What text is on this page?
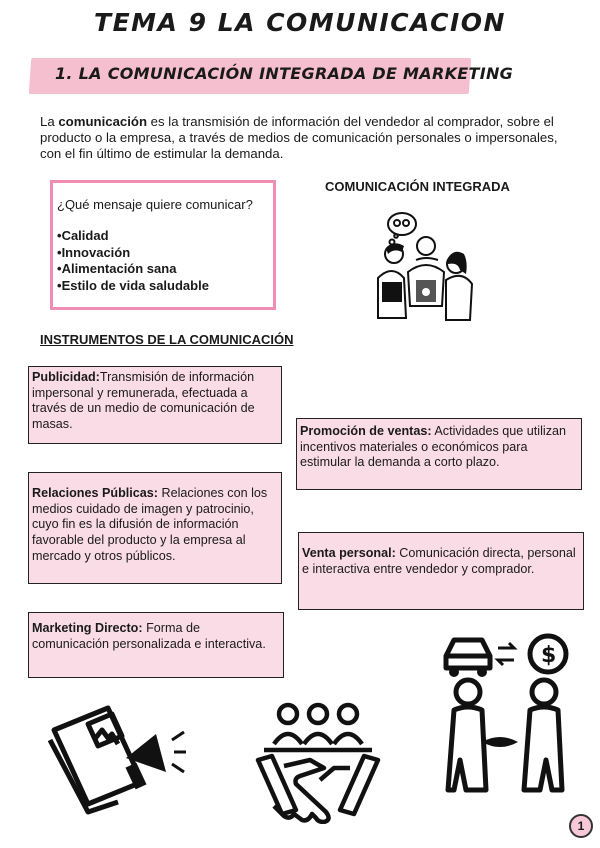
TEMA 9 LA COMUNICACION
1. LA COMUNICACIÓN INTEGRADA DE MARKETING

La comunicación es la transmisión de información del vendedor al comprador, sobre el producto o la empresa, a través de medios de comunicación personales o impersonales, con el fin último de estimular la demanda.

¿Qué mensaje quiere comunicar?
• Calidad
• Innovación
• Alimentación sana
• Estilo de vida saludable
COMUNICACIÓN INTEGRADA
INSTRUMENTOS DE LA COMUNICACIÓN
Publicidad:Transmisión de información impersonal y remunerada, efectuada a través de un medio de comunicación de masas.	Promoción de ventas: Actividades que utilizan incentivos materiales o económicos para estimular la demanda a corto plazo.
Relaciones Públicas: Relaciones con los medios cuidado de imagen y patrocinio, cuyo fin es la difusión de información favorable del producto y la empresa al mercado y otros públicos.	Venta personal: Comunicación directa, personal e interactiva entre vendedor y comprador.
Marketing Directo: Forma de comunicación personalizada e interactiva.	$
1
